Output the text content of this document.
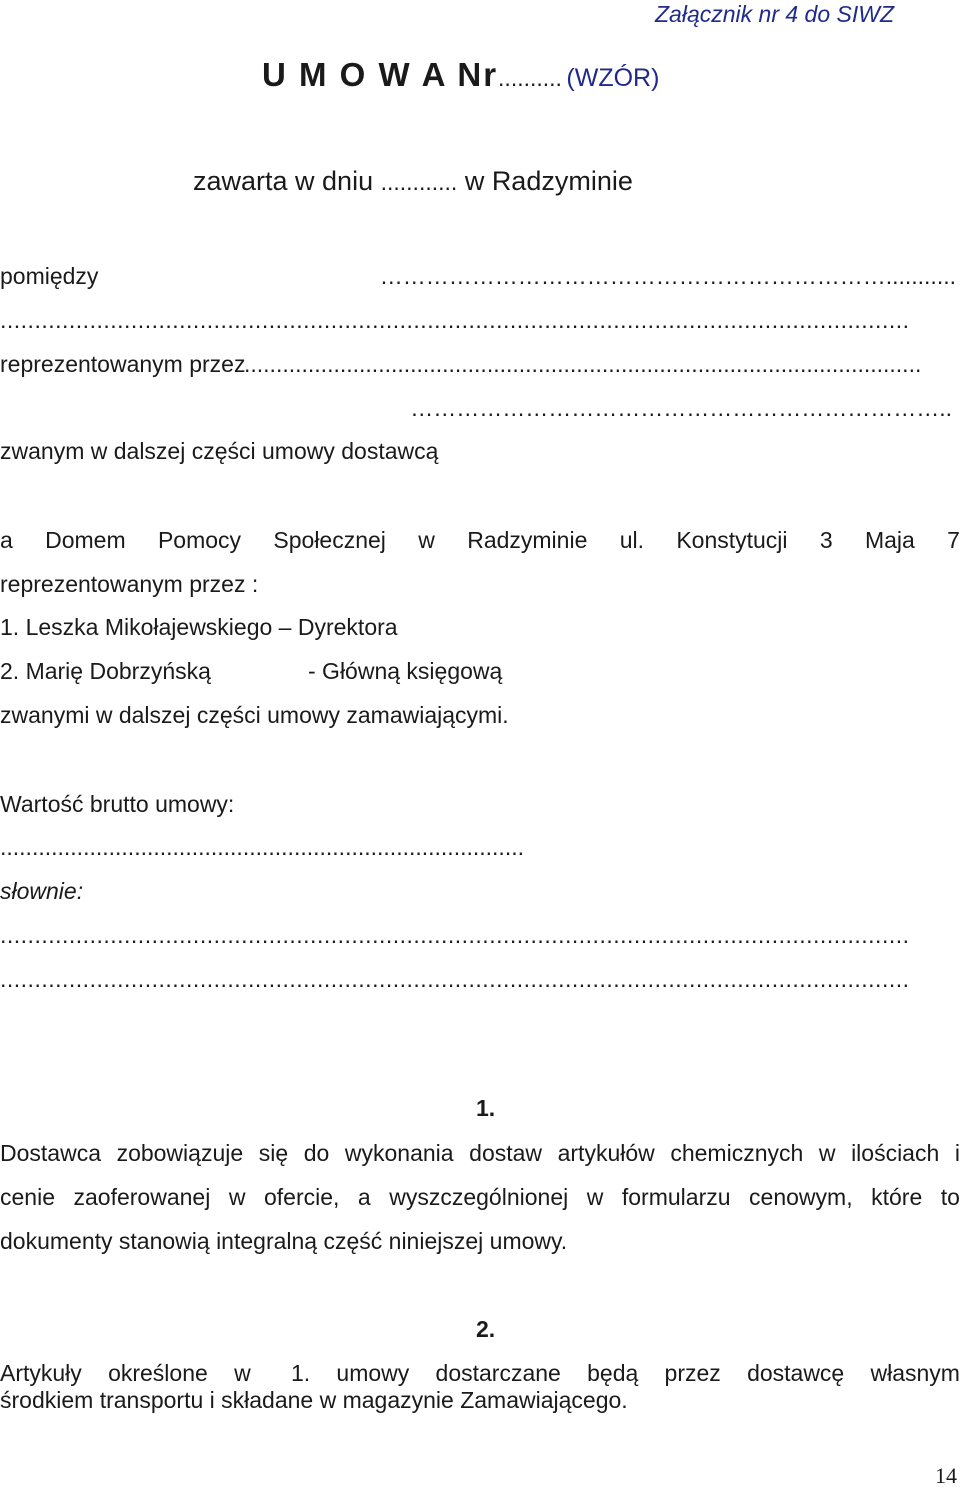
Załącznik nr 4 do SIWZ
U M O W A Nr.......... (WZÓR)
zawarta w dniu ............ w Radzyminie
pomiędzy	…………………………………………………………...........
....................................................................................................................................
reprezentowanym przez
..........................................................................................................
……………………………………………………………..
zwanym w dalszej części umowy dostawcą
a Domem Pomocy Społecznej w Radzyminie ul. Konstytucji 3 Maja 7
reprezentowanym przez :
1. Leszka Mikołajewskiego – Dyrektora
2. Marię Dobrzyńską	- Główną księgową
zwanymi w dalszej części umowy zamawiającymi.
Wartość brutto umowy:
..................................................................................
słownie:
....................................................................................................................................
....................................................................................................................................
1.
Dostawca zobowiązuje się do wykonania dostaw artykułów chemicznych w ilościach i
cenie zaoferowanej w ofercie, a wyszczególnionej w formularzu cenowym, które to
dokumenty stanowią integralną część niniejszej umowy.
2.
Artykuły określone w	1. umowy dostarczane będą przez dostawcę własnym
środkiem transportu i składane w magazynie Zamawiającego.
14
